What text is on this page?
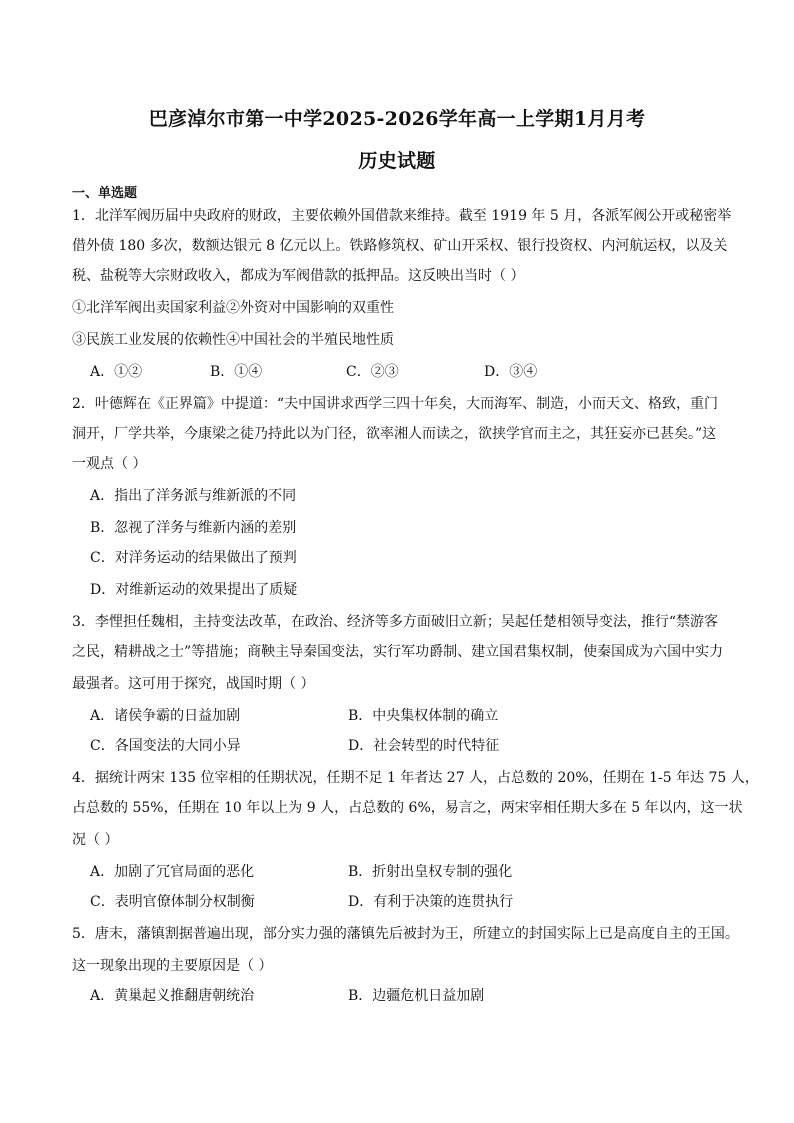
巴彦淖尔市第一中学2025-2026学年高一上学期1月月考
历史试题
一、单选题
1．北洋军阀历届中央政府的财政，主要依赖外国借款来维持。截至 1919 年 5 月，各派军阀公开或秘密举
借外债 180 多次，数额达银元 8 亿元以上。铁路修筑权、矿山开采权、银行投资权、内河航运权，以及关
税、盐税等大宗财政收入，都成为军阀借款的抵押品。这反映出当时（ ）
①北洋军阀出卖国家利益②外资对中国影响的双重性
③民族工业发展的依赖性④中国社会的半殖民地性质
A．①②	B．①④	C．②③	D．③④
2．叶德辉在《正界篇》中提道：“夫中国讲求西学三四十年矣，大而海军、制造，小而天文、格致，重门
洞开，厂学共举，今康梁之徒乃持此以为门径，欲率湘人而读之，欲挟学官而主之，其狂妄亦已甚矣。”这
一观点（ ）
A．指出了洋务派与维新派的不同
B．忽视了洋务与维新内涵的差别
C．对洋务运动的结果做出了预判
D．对维新运动的效果提出了质疑
3．李悝担任魏相，主持变法改革，在政治、经济等多方面破旧立新；吴起任楚相领导变法，推行“禁游客
之民，精耕战之士”等措施；商鞅主导秦国变法，实行军功爵制、建立国君集权制，使秦国成为六国中实力
最强者。这可用于探究，战国时期（ ）
A．诸侯争霸的日益加剧	B．中央集权体制的确立
C．各国变法的大同小异	D．社会转型的时代特征
4．据统计两宋 135 位宰相的任期状况，任期不足 1 年者达 27 人，占总数的 20%，任期在 1-5 年达 75 人，
占总数的 55%，任期在 10 年以上为 9 人，占总数的 6%，易言之，两宋宰相任期大多在 5 年以内，这一状
况（ ）
A．加剧了冗官局面的恶化	B．折射出皇权专制的强化
C．表明官僚体制分权制衡	D．有利于决策的连贯执行
5．唐末，藩镇割据普遍出现，部分实力强的藩镇先后被封为王，所建立的封国实际上已是高度自主的王国。
这一现象出现的主要原因是（ ）
A．黄巢起义推翻唐朝统治	B．边疆危机日益加剧
